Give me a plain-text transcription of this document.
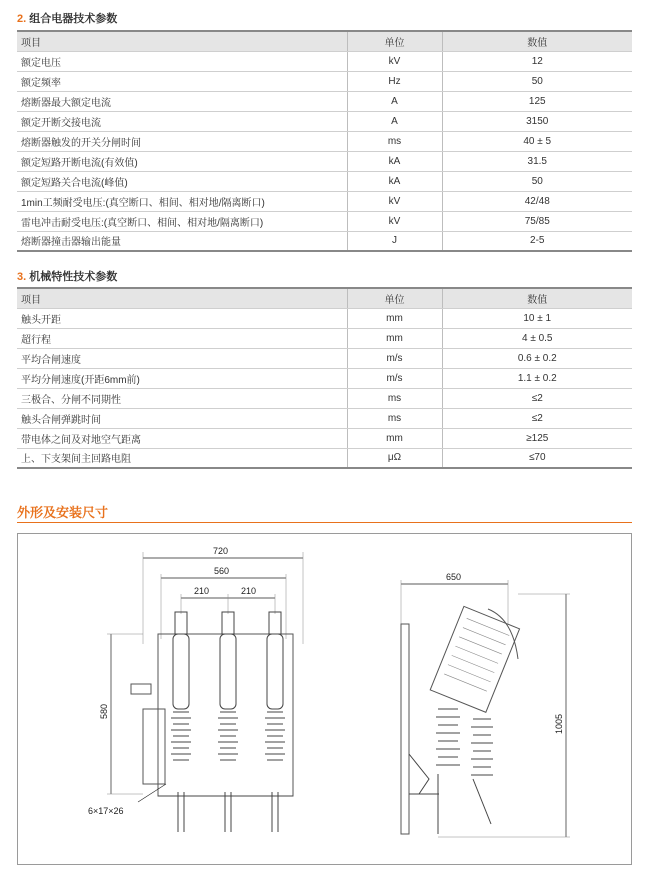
2. 组合电器技术参数
项目	单位	数值
额定电压	kV	12
额定频率	Hz	50
熔断器最大额定电流	A	125
额定开断交接电流	A	3150
熔断器触发的开关分闸时间	ms	40 ± 5
额定短路开断电流(有效值)	kA	31.5
额定短路关合电流(峰值)	kA	50
1min工频耐受电压:(真空断口、相间、相对地/隔离断口)	kV	42/48
雷电冲击耐受电压:(真空断口、相间、相对地/隔离断口)	kV	75/85
熔断器撞击器输出能量	J	2-5
3. 机械特性技术参数
项目	单位	数值
触头开距	mm	10 ± 1
超行程	mm	4 ± 0.5
平均合闸速度	m/s	0.6 ± 0.2
平均分闸速度(开距6mm前)	m/s	1.1 ± 0.2
三极合、分闸不同期性	ms	≤2
触头合闸弹跳时间	ms	≤2
带电体之间及对地空气距离	mm	≥125
上、下支架间主回路电阻	μΩ	≤70
外形及安装尺寸
720
560
210	210
580
6×17×26
650
1005
